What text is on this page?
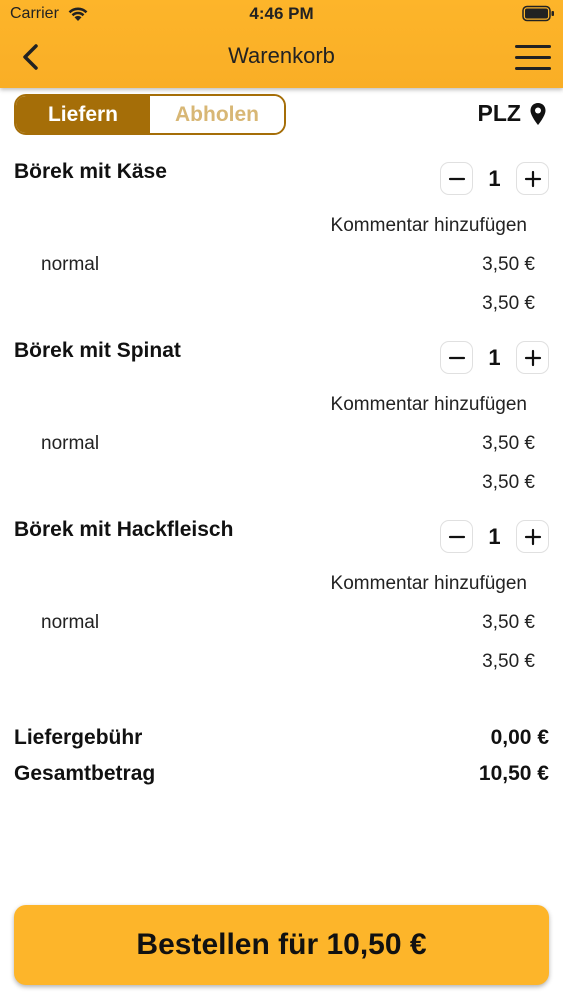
Carrier	4:46 PM
Warenkorb
Liefern	Abholen	PLZ
Börek mit Käse	1
Kommentar hinzufügen
normal	3,50 €
3,50 €
Börek mit Spinat	1
Kommentar hinzufügen
normal	3,50 €
3,50 €
Börek mit Hackfleisch	1
Kommentar hinzufügen
normal	3,50 €
3,50 €
Liefergebühr	0,00 €
Gesamtbetrag	10,50 €
Bestellen für 10,50 €
